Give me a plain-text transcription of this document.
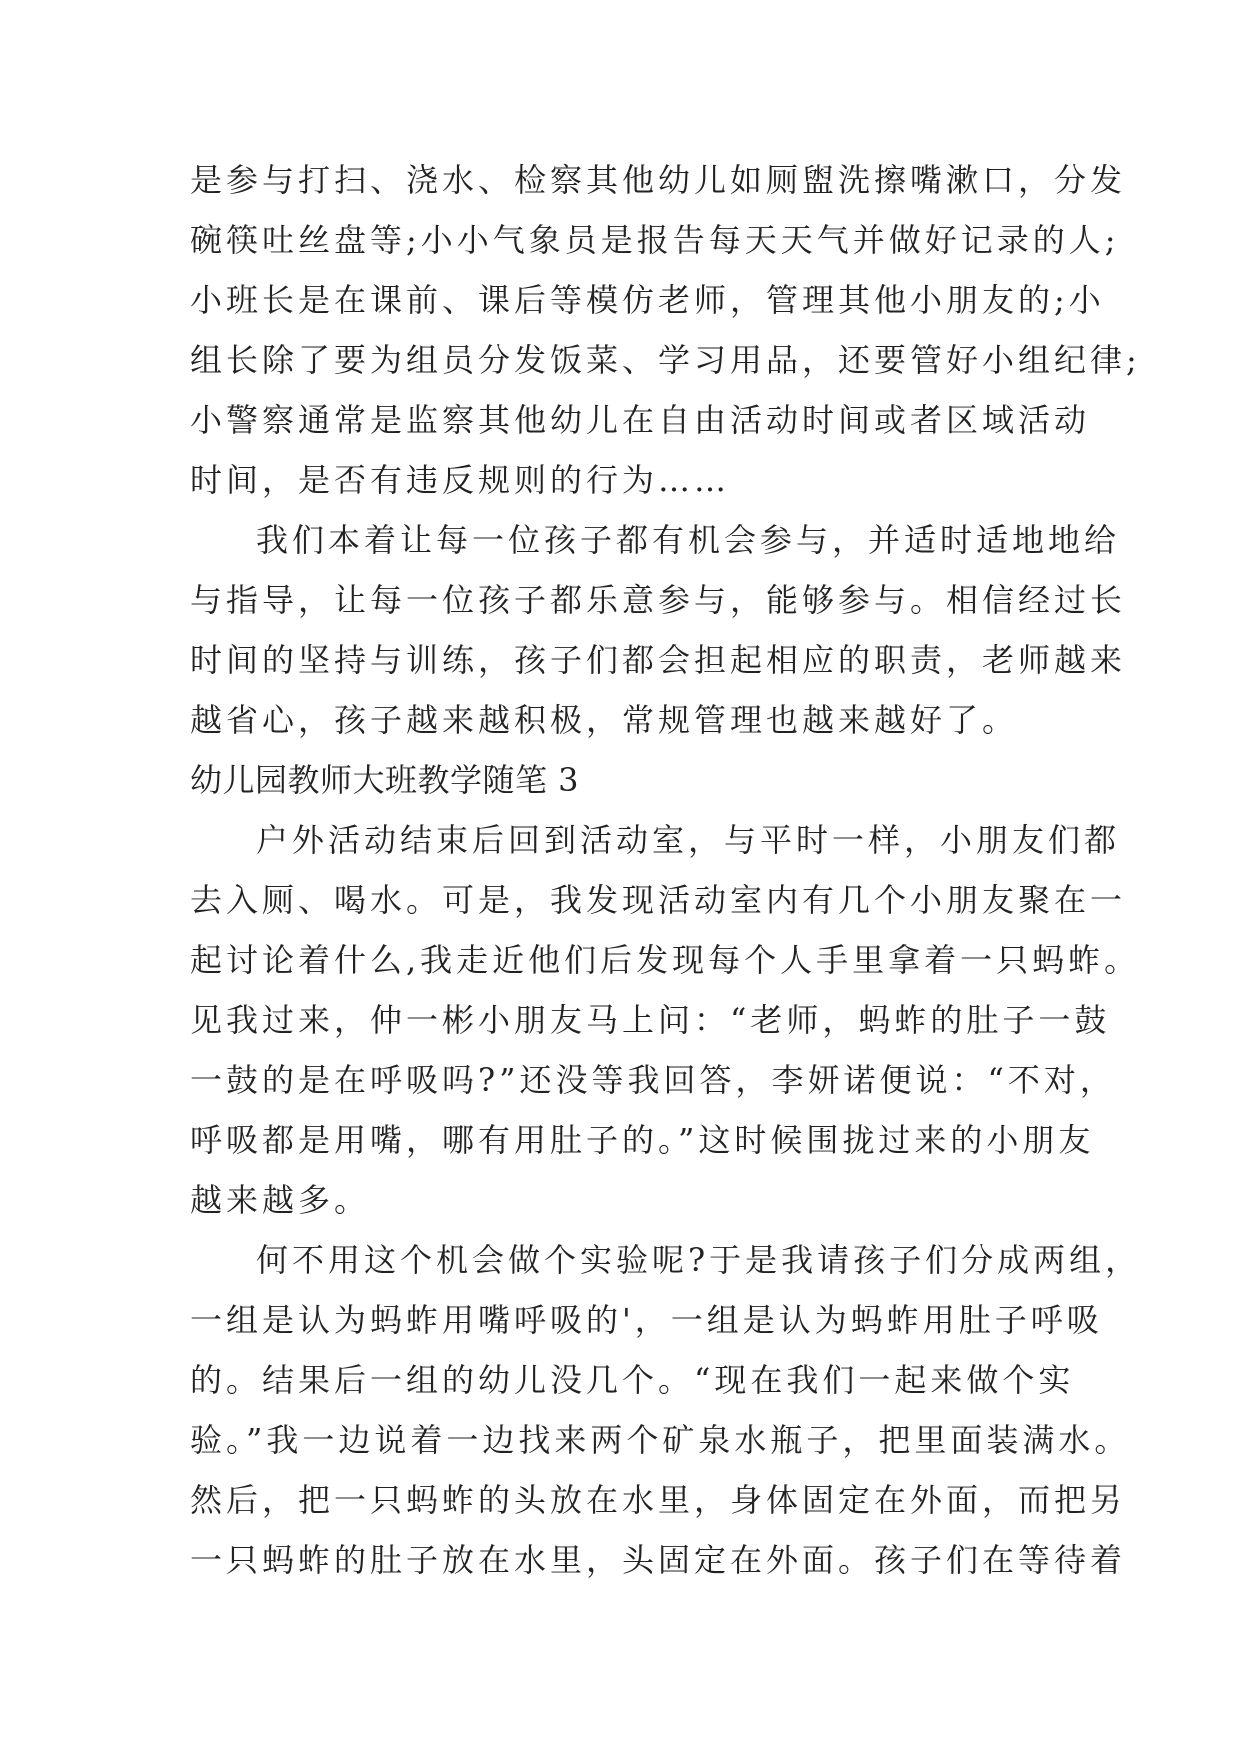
是参与打扫、浇水、检察其他幼儿如厕盥洗擦嘴漱口，分发
碗筷吐丝盘等;小小气象员是报告每天天气并做好记录的人;
小班长是在课前、课后等模仿老师，管理其他小朋友的;小
组长除了要为组员分发饭菜、学习用品，还要管好小组纪律;
小警察通常是监察其他幼儿在自由活动时间或者区域活动
时间，是否有违反规则的行为……
我们本着让每一位孩子都有机会参与，并适时适地地给
与指导，让每一位孩子都乐意参与，能够参与。相信经过长
时间的坚持与训练，孩子们都会担起相应的职责，老师越来
越省心，孩子越来越积极，常规管理也越来越好了。
幼儿园教师大班教学随笔 3
户外活动结束后回到活动室，与平时一样，小朋友们都
去入厕、喝水。可是，我发现活动室内有几个小朋友聚在一
起讨论着什么,我走近他们后发现每个人手里拿着一只蚂蚱。
见我过来，仲一彬小朋友马上问：“老师，蚂蚱的肚子一鼓
一鼓的是在呼吸吗?”还没等我回答，李妍诺便说：“不对，
呼吸都是用嘴，哪有用肚子的。”这时候围拢过来的小朋友
越来越多。
何不用这个机会做个实验呢?于是我请孩子们分成两组，
一组是认为蚂蚱用嘴呼吸的'，一组是认为蚂蚱用肚子呼吸
的。结果后一组的幼儿没几个。“现在我们一起来做个实
验。”我一边说着一边找来两个矿泉水瓶子，把里面装满水。
然后，把一只蚂蚱的头放在水里，身体固定在外面，而把另
一只蚂蚱的肚子放在水里，头固定在外面。孩子们在等待着
